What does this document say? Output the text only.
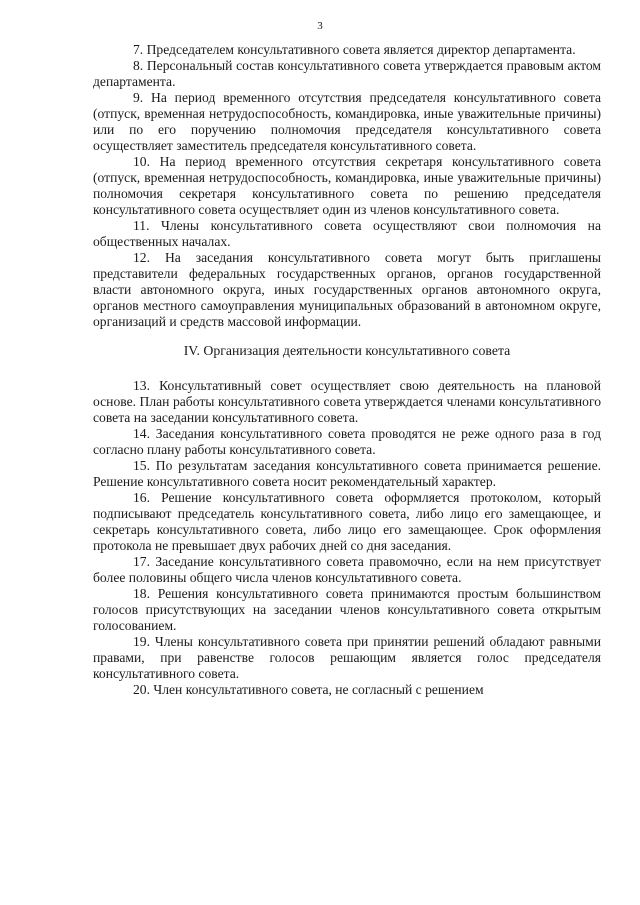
3

7. Председателем консультативного совета является директор департамента.

8. Персональный состав консультативного совета утверждается правовым актом департамента.

9. На период временного отсутствия председателя консультативного совета (отпуск, временная нетрудоспособность, командировка, иные уважительные причины) или по его поручению полномочия председателя консультативного совета осуществляет заместитель председателя консультативного совета.

10. На период временного отсутствия секретаря консультативного совета (отпуск, временная нетрудоспособность, командировка, иные уважительные причины) полномочия секретаря консультативного совета по решению председателя консультативного совета осуществляет один из членов консультативного совета.

11. Члены консультативного совета осуществляют свои полномочия на общественных началах.

12. На заседания консультативного совета могут быть приглашены представители федеральных государственных органов, органов государственной власти автономного округа, иных государственных органов автономного округа, органов местного самоуправления муниципальных образований в автономном округе, организаций и средств массовой информации.

IV. Организация деятельности консультативного совета

13. Консультативный совет осуществляет свою деятельность на плановой основе. План работы консультативного совета утверждается членами консультативного совета на заседании консультативного совета.

14. Заседания консультативного совета проводятся не реже одного раза в год согласно плану работы консультативного совета.

15. По результатам заседания консультативного совета принимается решение. Решение консультативного совета носит рекомендательный характер.

16. Решение консультативного совета оформляется протоколом, который подписывают председатель консультативного совета, либо лицо его замещающее, и секретарь консультативного совета, либо лицо его замещающее. Срок оформления протокола не превышает двух рабочих дней со дня заседания.

17. Заседание консультативного совета правомочно, если на нем присутствует более половины общего числа членов консультативного совета.

18. Решения консультативного совета принимаются простым большинством голосов присутствующих на заседании членов консультативного совета открытым голосованием.

19. Члены консультативного совета при принятии решений обладают равными правами, при равенстве голосов решающим является голос председателя консультативного совета.

20. Член консультативного совета, не согласный с решением
